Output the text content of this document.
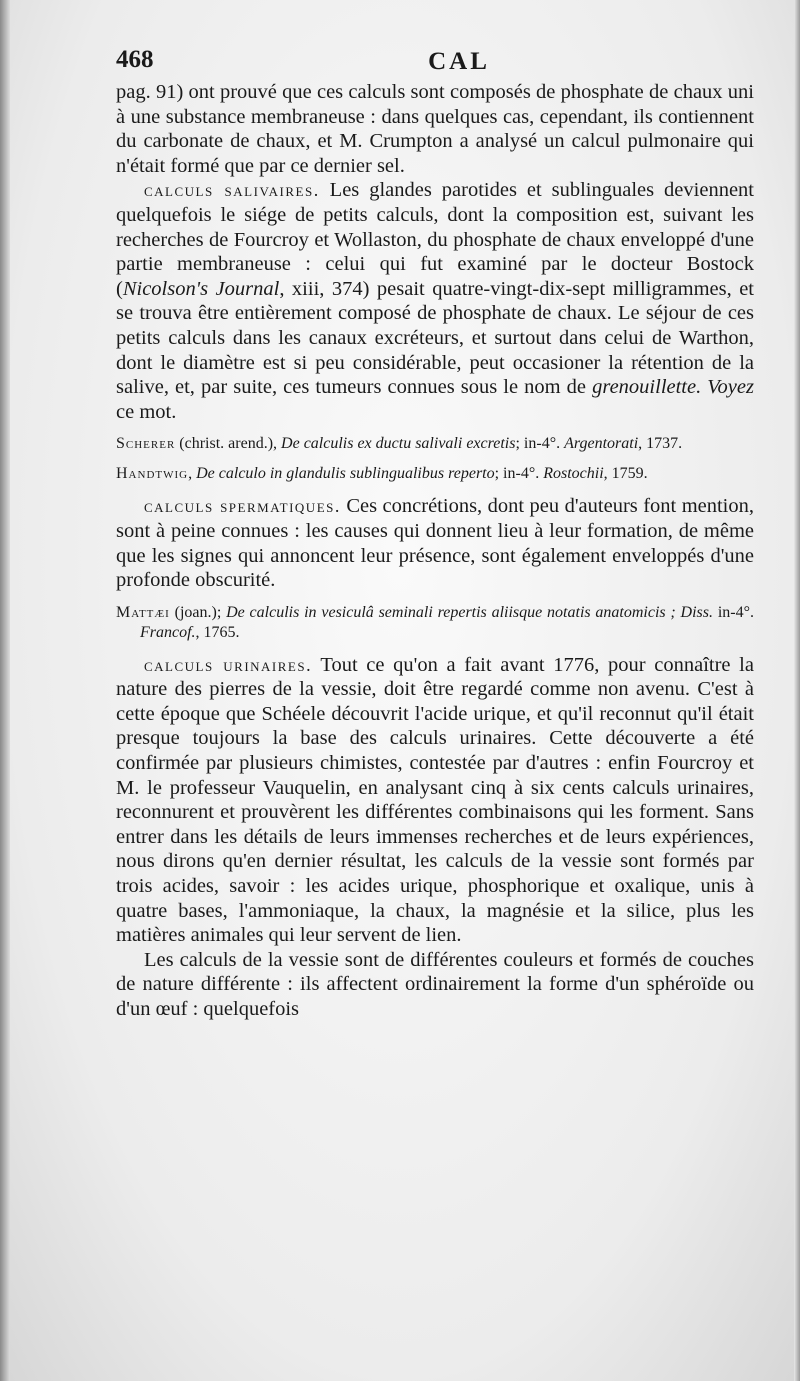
468	CAL

pag. 91) ont prouvé que ces calculs sont composés de phosphate de chaux uni à une substance membraneuse : dans quelques cas, cependant, ils contiennent du carbonate de chaux, et M. Crumpton a analysé un calcul pulmonaire qui n'était formé que par ce dernier sel.

calculs salivaires. Les glandes parotides et sublinguales deviennent quelquefois le siége de petits calculs, dont la composition est, suivant les recherches de Fourcroy et Wollaston, du phosphate de chaux enveloppé d'une partie membraneuse : celui qui fut examiné par le docteur Bostock (Nicolson's Journal, xiii, 374) pesait quatre-vingt-dix-sept milligrammes, et se trouva être entièrement composé de phosphate de chaux. Le séjour de ces petits calculs dans les canaux excréteurs, et surtout dans celui de Warthon, dont le diamètre est si peu considérable, peut occasioner la rétention de la salive, et, par suite, ces tumeurs connues sous le nom de grenouillette. Voyez ce mot.

Scherer (christ. arend.), De calculis ex ductu salivali excretis; in-4°. Argentorati, 1737.

Handtwig, De calculo in glandulis sublingualibus reperto; in-4°. Rostochii, 1759.

calculs spermatiques. Ces concrétions, dont peu d'auteurs font mention, sont à peine connues : les causes qui donnent lieu à leur formation, de même que les signes qui annoncent leur présence, sont également enveloppés d'une profonde obscurité.

Mattæi (joan.); De calculis in vesiculâ seminali repertis aliisque notatis anatomicis ; Diss. in-4°. Francof., 1765.

calculs urinaires. Tout ce qu'on a fait avant 1776, pour connaître la nature des pierres de la vessie, doit être regardé comme non avenu. C'est à cette époque que Schéele découvrit l'acide urique, et qu'il reconnut qu'il était presque toujours la base des calculs urinaires. Cette découverte a été confirmée par plusieurs chimistes, contestée par d'autres : enfin Fourcroy et M. le professeur Vauquelin, en analysant cinq à six cents calculs urinaires, reconnurent et prouvèrent les différentes combinaisons qui les forment. Sans entrer dans les détails de leurs immenses recherches et de leurs expériences, nous dirons qu'en dernier résultat, les calculs de la vessie sont formés par trois acides, savoir : les acides urique, phosphorique et oxalique, unis à quatre bases, l'ammoniaque, la chaux, la magnésie et la silice, plus les matières animales qui leur servent de lien.

Les calculs de la vessie sont de différentes couleurs et formés de couches de nature différente : ils affectent ordinairement la forme d'un sphéroïde ou d'un œuf : quelquefois
